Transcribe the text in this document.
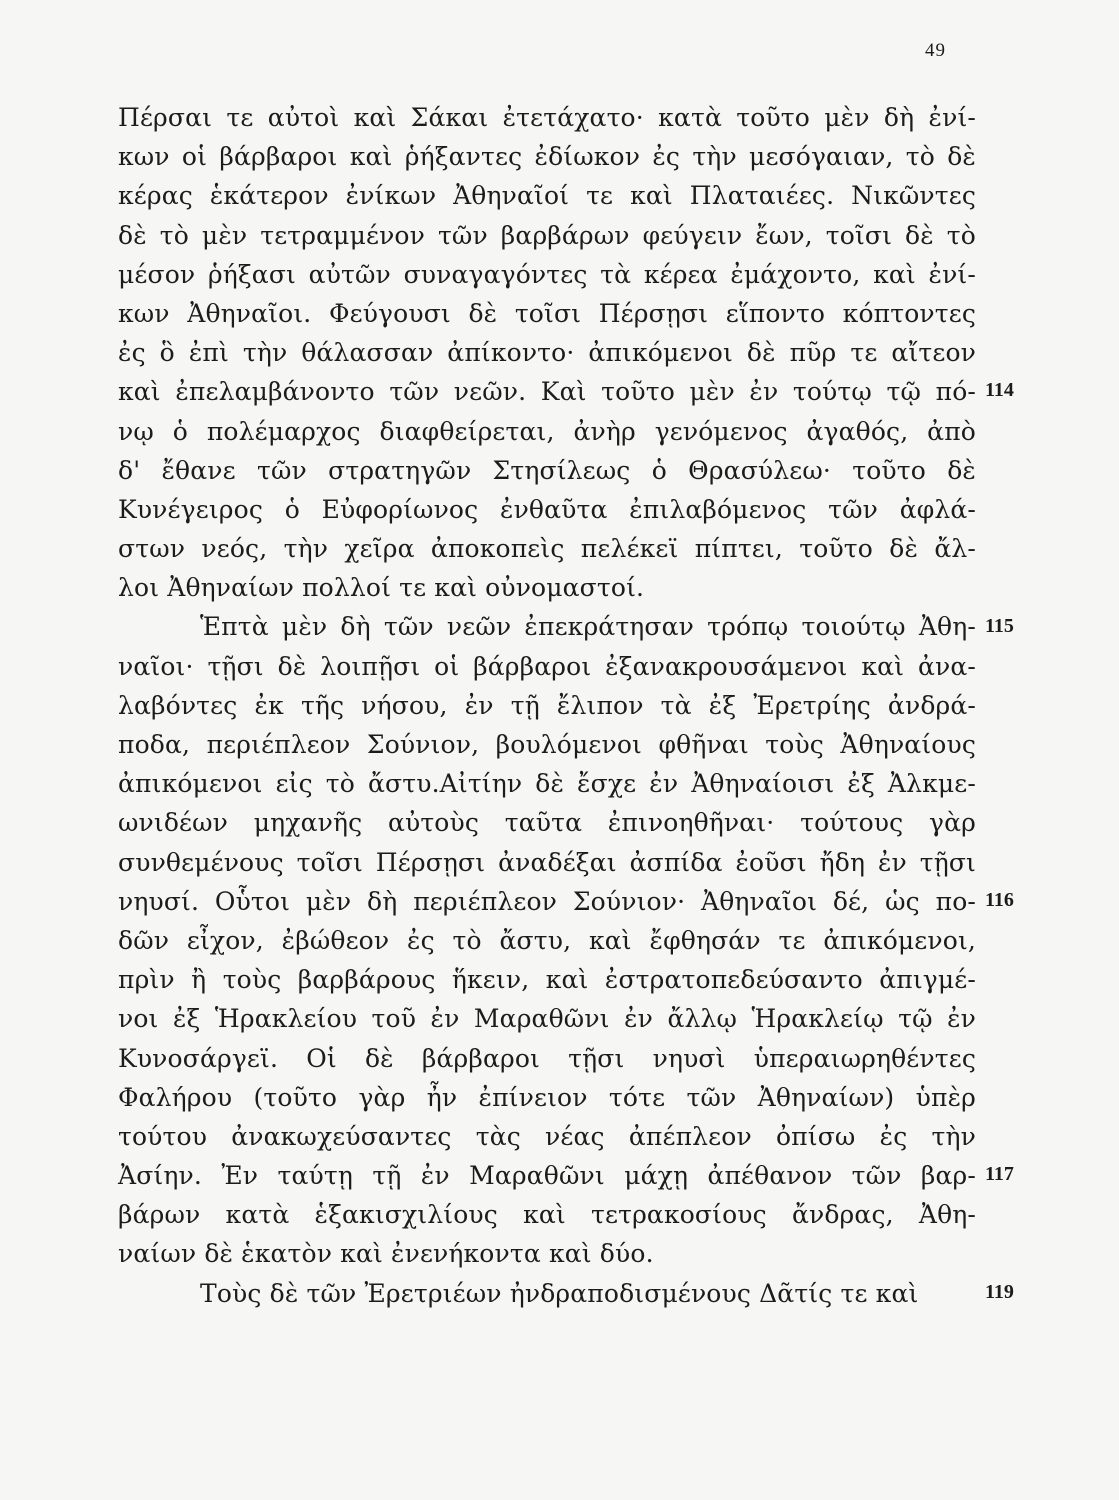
49
Πέρσαι τε αὐτοὶ καὶ Σάκαι ἐτετάχατο· κατὰ τοῦτο μὲν δὴ ἐνί-
κων οἱ βάρβαροι καὶ ῥήξαντες ἐδίωκον ἐς τὴν μεσόγαιαν, τὸ δὲ
κέρας ἑκάτερον ἐνίκων Ἀθηναῖοί τε καὶ Πλαταιέες. Νικῶντες
δὲ τὸ μὲν τετραμμένον τῶν βαρβάρων φεύγειν ἔων, τοῖσι δὲ τὸ
μέσον ῥήξασι αὐτῶν συναγαγόντες τὰ κέρεα ἐμάχοντο, καὶ ἐνί-
κων Ἀθηναῖοι. Φεύγουσι δὲ τοῖσι Πέρσῃσι εἵποντο κόπτοντες
ἐς ὃ ἐπὶ τὴν θάλασσαν ἀπίκοντο· ἀπικόμενοι δὲ πῦρ τε αἴτεον
καὶ ἐπελαμβάνοντο τῶν νεῶν. Καὶ τοῦτο μὲν ἐν τούτῳ τῷ πό-
νῳ ὁ πολέμαρχος διαφθείρεται, ἀνὴρ γενόμενος ἀγαθός, ἀπὸ
δ' ἔθανε τῶν στρατηγῶν Στησίλεως ὁ Θρασύλεω· τοῦτο δὲ
Κυνέγειρος ὁ Εὐφορίωνος ἐνθαῦτα ἐπιλαβόμενος τῶν ἀφλά-
στων νεός, τὴν χεῖρα ἀποκοπεὶς πελέκεϊ πίπτει, τοῦτο δὲ ἄλ-
λοι Ἀθηναίων πολλοί τε καὶ οὐνομαστοί.
Ἑπτὰ μὲν δὴ τῶν νεῶν ἐπεκράτησαν τρόπῳ τοιούτῳ Ἀθη-
ναῖοι· τῇσι δὲ λοιπῇσι οἱ βάρβαροι ἐξανακρουσάμενοι καὶ ἀνα-
λαβόντες ἐκ τῆς νήσου, ἐν τῇ ἔλιπον τὰ ἐξ Ἐρετρίης ἀνδρά-
ποδα, περιέπλεον Σούνιον, βουλόμενοι φθῆναι τοὺς Ἀθηναίους
ἀπικόμενοι εἰς τὸ ἄστυ.Αἰτίην δὲ ἔσχε ἐν Ἀθηναίοισι ἐξ Ἀλκμε-
ωνιδέων μηχανῆς αὐτοὺς ταῦτα ἐπινοηθῆναι· τούτους γὰρ
συνθεμένους τοῖσι Πέρσῃσι ἀναδέξαι ἀσπίδα ἐοῦσι ἤδη ἐν τῇσι
νηυσί. Οὗτοι μὲν δὴ περιέπλεον Σούνιον· Ἀθηναῖοι δέ, ὡς πο-
δῶν εἶχον, ἐβώθεον ἐς τὸ ἄστυ, καὶ ἔφθησάν τε ἀπικόμενοι,
πρὶν ἢ τοὺς βαρβάρους ἥκειν, καὶ ἐστρατοπεδεύσαντο ἀπιγμέ-
νοι ἐξ Ἡρακλείου τοῦ ἐν Μαραθῶνι ἐν ἄλλῳ Ἡρακλείῳ τῷ ἐν
Κυνοσάργεϊ. Οἱ δὲ βάρβαροι τῇσι νηυσὶ ὑπεραιωρηθέντες
Φαλήρου (τοῦτο γὰρ ἦν ἐπίνειον τότε τῶν Ἀθηναίων) ὑπὲρ
τούτου ἀνακωχεύσαντες τὰς νέας ἀπέπλεον ὀπίσω ἐς τὴν
Ἀσίην. Ἐν ταύτῃ τῇ ἐν Μαραθῶνι μάχῃ ἀπέθανον τῶν βαρ-
βάρων κατὰ ἑξακισχιλίους καὶ τετρακοσίους ἄνδρας, Ἀθη-
ναίων δὲ ἑκατὸν καὶ ἐνενήκοντα καὶ δύο.
Τοὺς δὲ τῶν Ἐρετριέων ἠνδραποδισμένους Δᾶτίς τε καὶ
114
115
116
117
119
